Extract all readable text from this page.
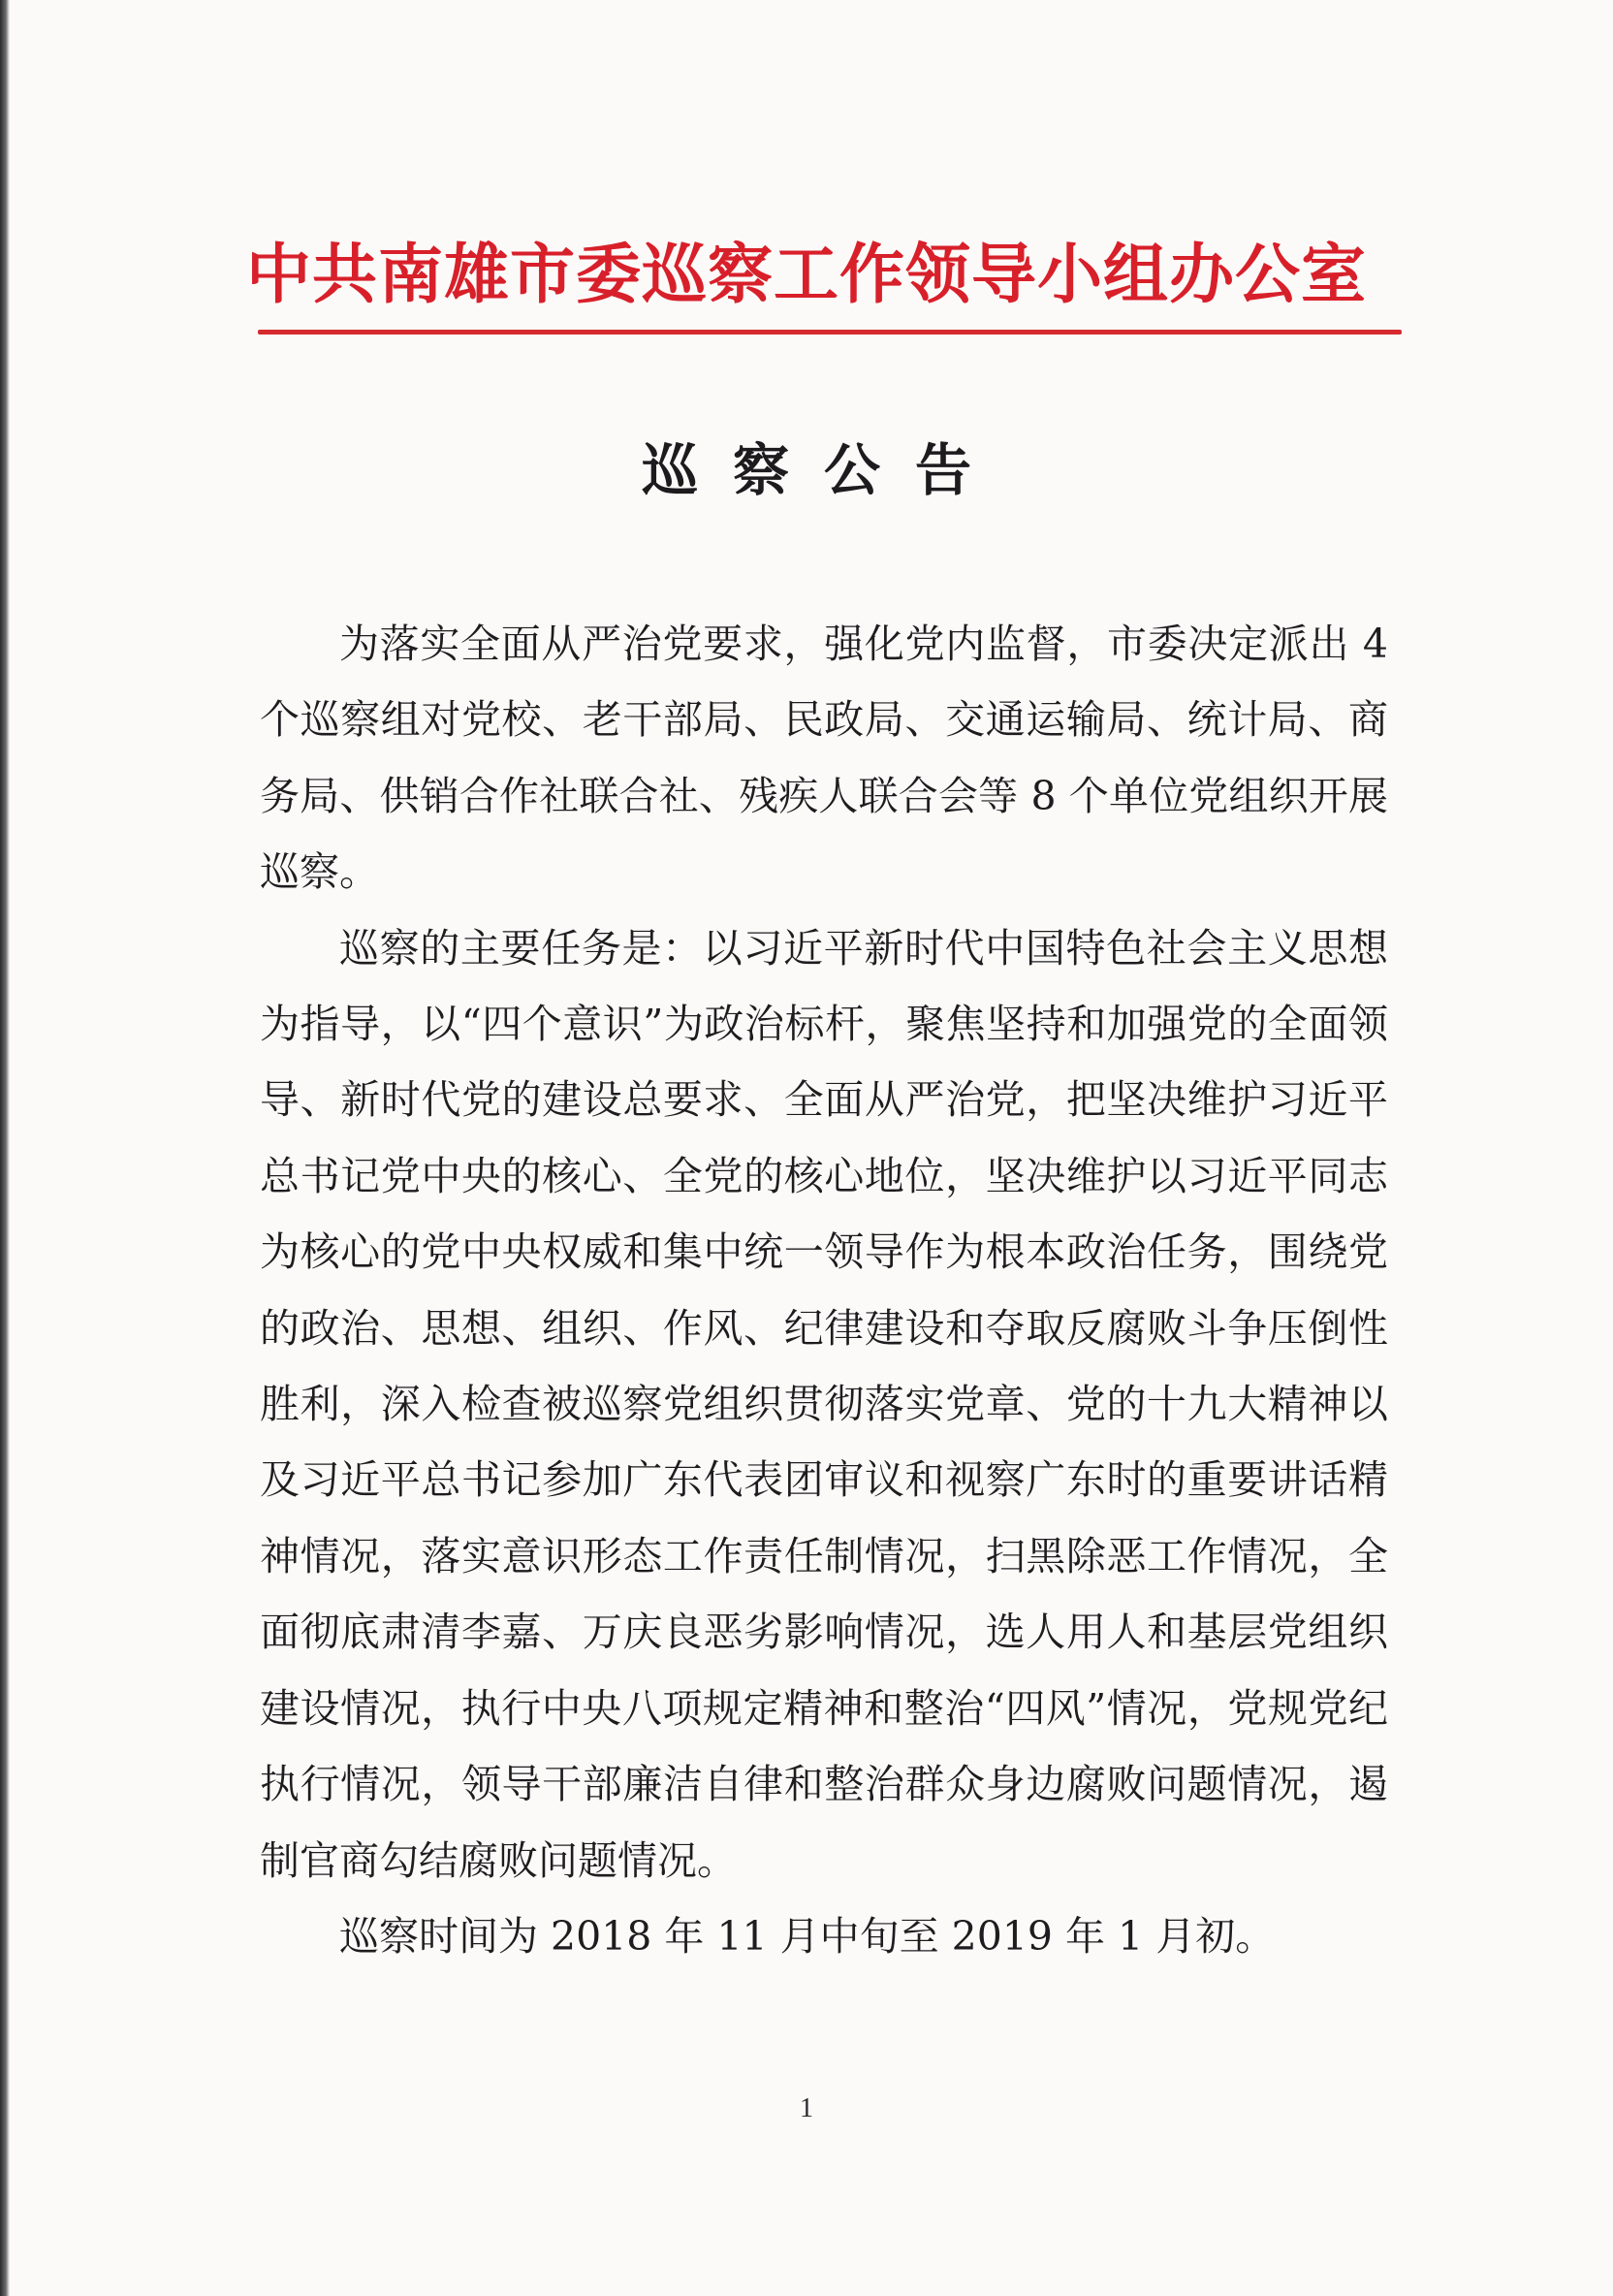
中共南雄市委巡察工作领导小组办公室
巡察公告

为落实全面从严治党要求，强化党内监督，市委决定派出 4 个巡察组对党校、老干部局、民政局、交通运输局、统计局、商务局、供销合作社联合社、残疾人联合会等 8 个单位党组织开展巡察。

巡察的主要任务是：以习近平新时代中国特色社会主义思想为指导，以“四个意识”为政治标杆，聚焦坚持和加强党的全面领导、新时代党的建设总要求、全面从严治党，把坚决维护习近平总书记党中央的核心、全党的核心地位，坚决维护以习近平同志为核心的党中央权威和集中统一领导作为根本政治任务，围绕党的政治、思想、组织、作风、纪律建设和夺取反腐败斗争压倒性胜利，深入检查被巡察党组织贯彻落实党章、党的十九大精神以及习近平总书记参加广东代表团审议和视察广东时的重要讲话精神情况，落实意识形态工作责任制情况，扫黑除恶工作情况，全面彻底肃清李嘉、万庆良恶劣影响情况，选人用人和基层党组织建设情况，执行中央八项规定精神和整治“四风”情况，党规党纪执行情况，领导干部廉洁自律和整治群众身边腐败问题情况，遏制官商勾结腐败问题情况。

巡察时间为 2018 年 11 月中旬至 2019 年 1 月初。

1
